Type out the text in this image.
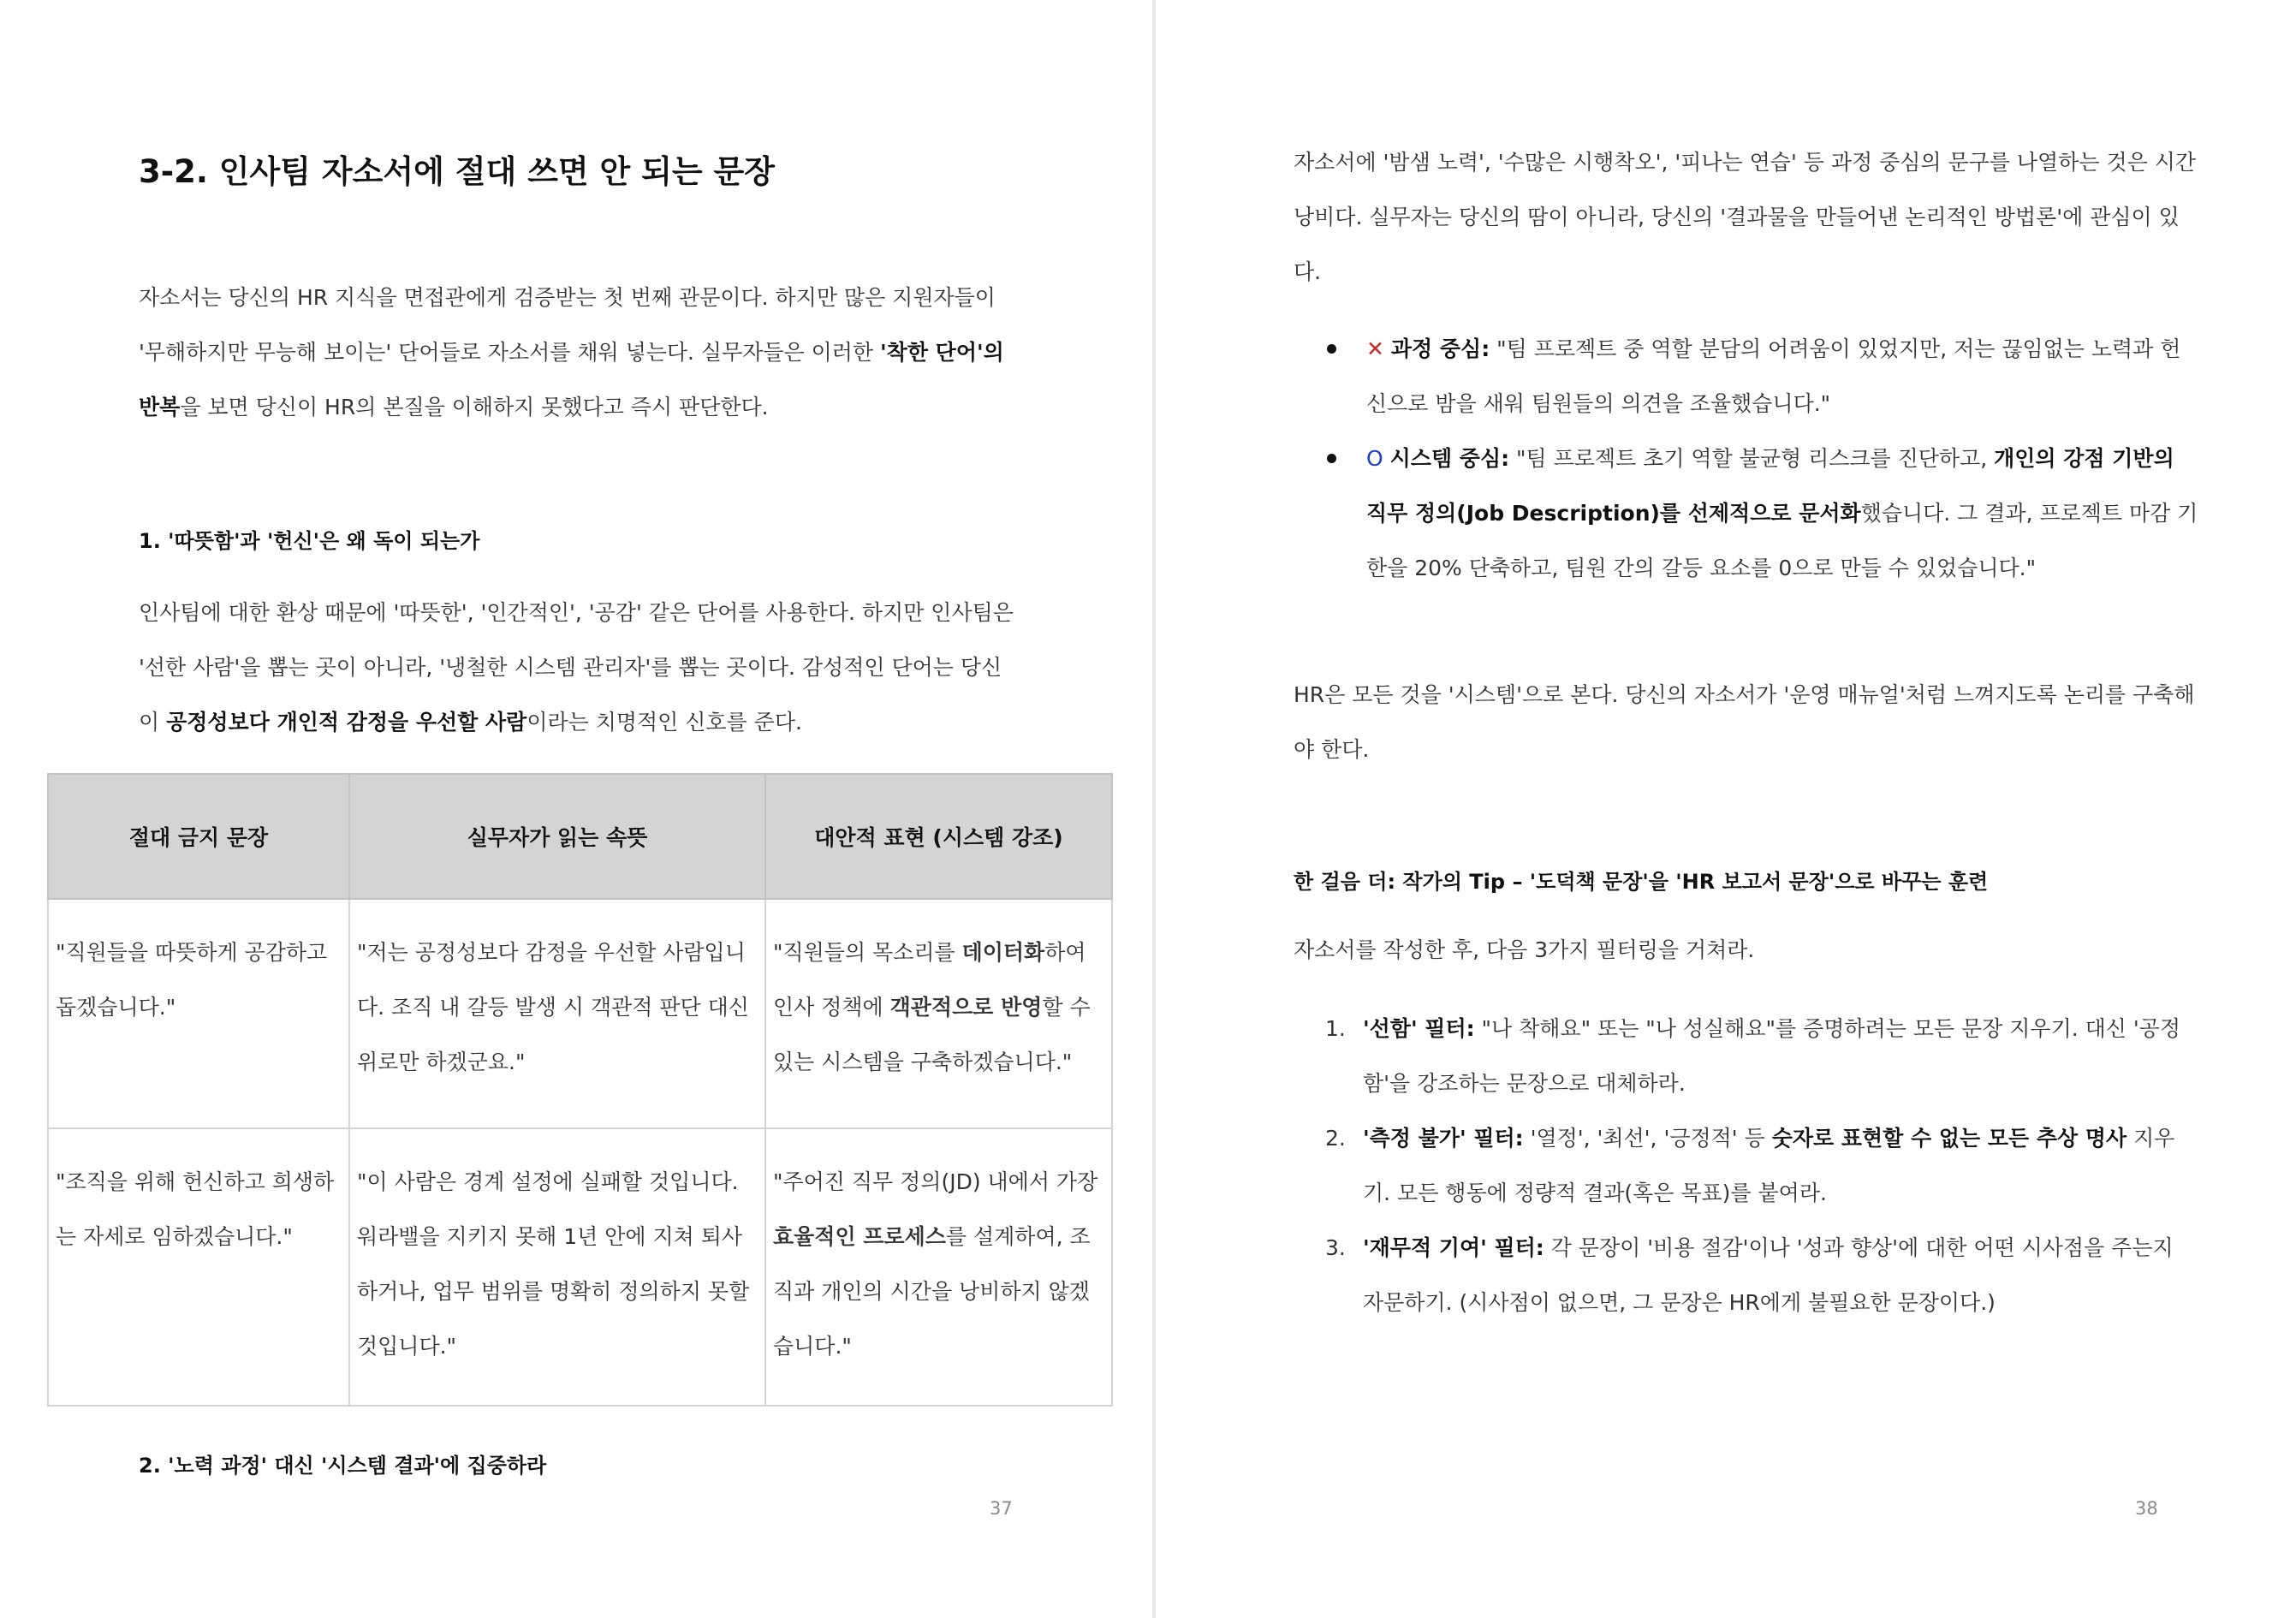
3-2. 인사팀 자소서에 절대 쓰면 안 되는 문장

자소서는 당신의 HR 지식을 면접관에게 검증받는 첫 번째 관문이다. 하지만 많은 지원자들이 '무해하지만 무능해 보이는' 단어들로 자소서를 채워 넣는다. 실무자들은 이러한 '착한 단어'의 반복을 보면 당신이 HR의 본질을 이해하지 못했다고 즉시 판단한다.

1. '따뜻함'과 '헌신'은 왜 독이 되는가

인사팀에 대한 환상 때문에 '따뜻한', '인간적인', '공감' 같은 단어를 사용한다. 하지만 인사팀은 '선한 사람'을 뽑는 곳이 아니라, '냉철한 시스템 관리자'를 뽑는 곳이다. 감성적인 단어는 당신이 공정성보다 개인적 감정을 우선할 사람이라는 치명적인 신호를 준다.

절대 금지 문장	실무자가 읽는 속뜻	대안적 표현 (시스템 강조)
"직원들을 따뜻하게 공감하고 돕겠습니다."	"저는 공정성보다 감정을 우선할 사람입니다. 조직 내 갈등 발생 시 객관적 판단 대신 위로만 하겠군요."	"직원들의 목소리를 데이터화하여 인사 정책에 객관적으로 반영할 수 있는 시스템을 구축하겠습니다."
"조직을 위해 헌신하고 희생하는 자세로 임하겠습니다."	"이 사람은 경계 설정에 실패할 것입니다. 워라밸을 지키지 못해 1년 안에 지쳐 퇴사하거나, 업무 범위를 명확히 정의하지 못할 것입니다."	"주어진 직무 정의(JD) 내에서 가장 효율적인 프로세스를 설계하여, 조직과 개인의 시간을 낭비하지 않겠습니다."
2. '노력 과정' 대신 '시스템 결과'에 집중하라
37

자소서에 '밤샘 노력', '수많은 시행착오', '피나는 연습' 등 과정 중심의 문구를 나열하는 것은 시간 낭비다. 실무자는 당신의 땀이 아니라, 당신의 '결과물을 만들어낸 논리적인 방법론'에 관심이 있다.

✕ 과정 중심: "팀 프로젝트 중 역할 분담의 어려움이 있었지만, 저는 끊임없는 노력과 헌신으로 밤을 새워 팀원들의 의견을 조율했습니다."
O 시스템 중심: "팀 프로젝트 초기 역할 불균형 리스크를 진단하고, 개인의 강점 기반의 직무 정의(Job Description)를 선제적으로 문서화했습니다. 그 결과, 프로젝트 마감 기한을 20% 단축하고, 팀원 간의 갈등 요소를 0으로 만들 수 있었습니다."

HR은 모든 것을 '시스템'으로 본다. 당신의 자소서가 '운영 매뉴얼'처럼 느껴지도록 논리를 구축해야 한다.

한 걸음 더: 작가의 Tip – '도덕책 문장'을 'HR 보고서 문장'으로 바꾸는 훈련

자소서를 작성한 후, 다음 3가지 필터링을 거쳐라.

1. '선함' 필터: "나 착해요" 또는 "나 성실해요"를 증명하려는 모든 문장 지우기. 대신 '공정함'을 강조하는 문장으로 대체하라.
2. '측정 불가' 필터: '열정', '최선', '긍정적' 등 숫자로 표현할 수 없는 모든 추상 명사 지우기. 모든 행동에 정량적 결과(혹은 목표)를 붙여라.
3. '재무적 기여' 필터: 각 문장이 '비용 절감'이나 '성과 향상'에 대한 어떤 시사점을 주는지 자문하기. (시사점이 없으면, 그 문장은 HR에게 불필요한 문장이다.)
38
